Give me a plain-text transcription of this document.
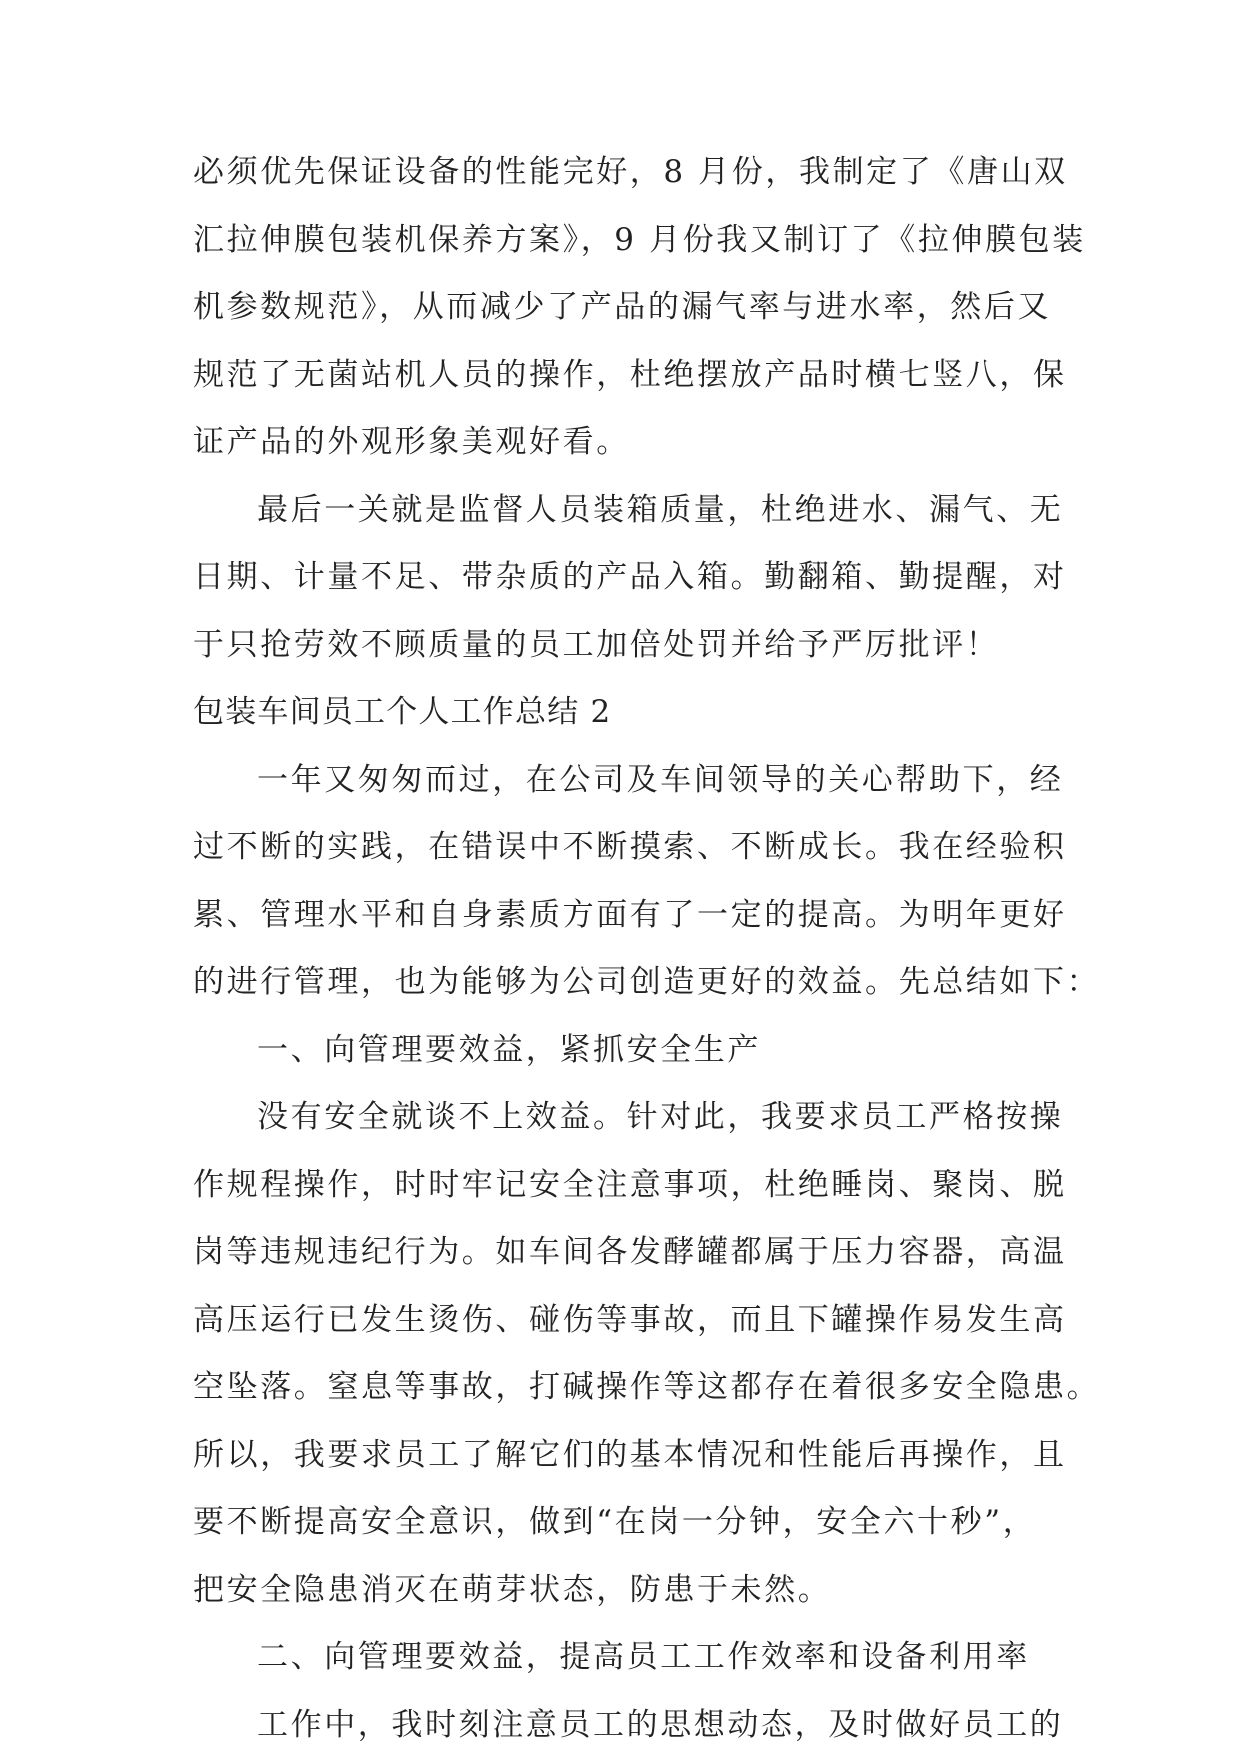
必须优先保证设备的性能完好，8 月份，我制定了《唐山双
汇拉伸膜包装机保养方案》，9 月份我又制订了《拉伸膜包装
机参数规范》，从而减少了产品的漏气率与进水率，然后又
规范了无菌站机人员的操作，杜绝摆放产品时横七竖八，保
证产品的外观形象美观好看。
最后一关就是监督人员装箱质量，杜绝进水、漏气、无
日期、计量不足、带杂质的产品入箱。勤翻箱、勤提醒，对
于只抢劳效不顾质量的员工加倍处罚并给予严厉批评！
包装车间员工个人工作总结 2
一年又匆匆而过，在公司及车间领导的关心帮助下，经
过不断的实践，在错误中不断摸索、不断成长。我在经验积
累、管理水平和自身素质方面有了一定的提高。为明年更好
的进行管理，也为能够为公司创造更好的效益。先总结如下：
一、向管理要效益，紧抓安全生产
没有安全就谈不上效益。针对此，我要求员工严格按操
作规程操作，时时牢记安全注意事项，杜绝睡岗、聚岗、脱
岗等违规违纪行为。如车间各发酵罐都属于压力容器，高温
高压运行已发生烫伤、碰伤等事故，而且下罐操作易发生高
空坠落。窒息等事故，打碱操作等这都存在着很多安全隐患。
所以，我要求员工了解它们的基本情况和性能后再操作，且
要不断提高安全意识，做到“在岗一分钟，安全六十秒”，
把安全隐患消灭在萌芽状态，防患于未然。
二、向管理要效益，提高员工工作效率和设备利用率
工作中，我时刻注意员工的思想动态，及时做好员工的
